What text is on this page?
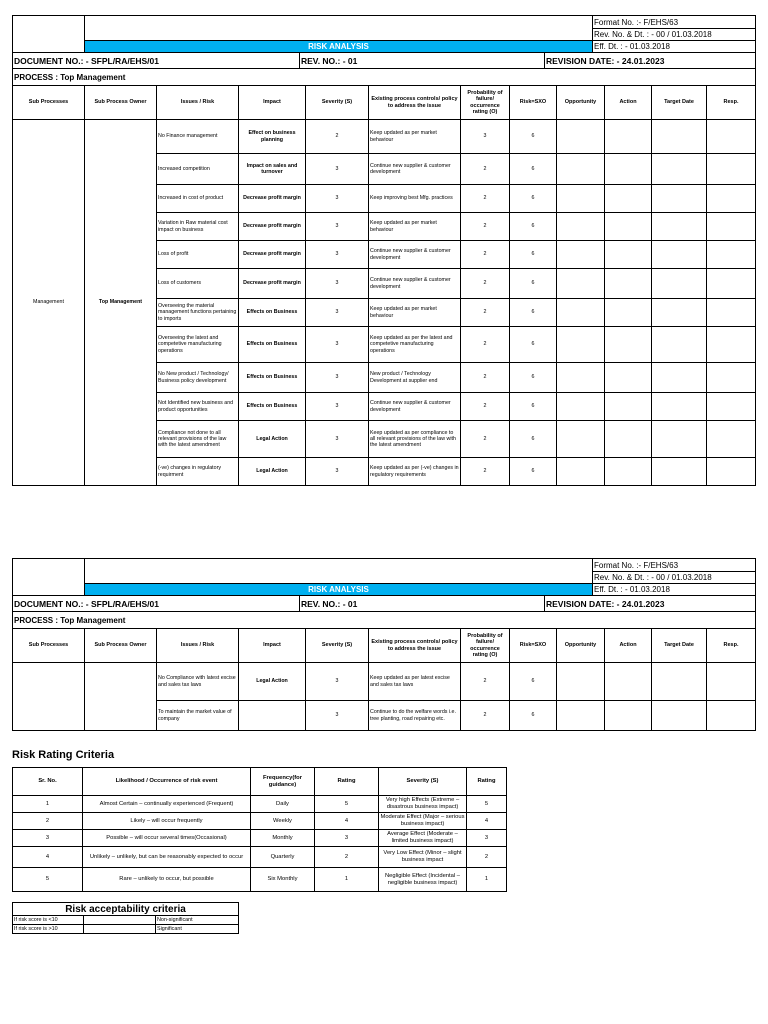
				Format No. :- F/EHS/63
				Rev. No. & Dt. : - 00 / 01.03.2018
	RISK ANALYSIS			Eff. Dt. : - 01.03.2018
DOCUMENT NO.: - SFPL/RA/EHS/01		REV. NO.: - 01	REVISION DATE: - 24.01.2023	
PROCESS : Top Management				
Sub Processes	Sub Process Owner	Issues / Risk	Impact	Severity (S)	Existing process controls/ policy to address the issue	Probability of failure/ occurrence rating (O)	Risk=SXO	Opportunity	Action	Target Date	Resp.
Management	Top Management	No Finance management	Effect on business planning	2	Keep updated as per market behaviour	3	6				
		Increased competition	Impact on sales and turnover	3	Continue new supplier & customer development	2	6				
		Increased in cost of product	Decrease profit margin	3	Keep improving best Mfg. practices	2	6				
		Variation in Raw material cost impact on business	Decrease profit margin	3	Keep updated as per market behaviour	2	6				
		Loss of profit	Decrease profit margin	3	Continue new supplier & customer development	2	6				
		Loss of customers	Decrease profit margin	3	Continue new supplier & customer development	2	6				
		Overseeing the material management functions pertaining to imports	Effects on Business	3	Keep updated as per market behaviour	2	6				
		Overseeing the latest and competetive manufacturing operations	Effects on Business	3	Keep updated as per the latest and competetive manufacturing operations	2	6				
		No New product / Technology/ Business policy development	Effects on Business	3	New product / Technology Development at supplier end	2	6				
		Not Identified new business and product opportunities	Effects on Business	3	Continue new supplier & customer development	2	6				
		Compliance not done to all relevant provisions of the law with the latest amendment	Legal Action	3	Keep updated as per compliance to all relevant provisions of the law with the latest amendment	2	6				
		(-ve) changes in regulatory requirment	Legal Action	3	Keep updated as per (-ve) changes in regulatory requirements	2	6				
				Format No. :- F/EHS/63
				Rev. No. & Dt. : - 00 / 01.03.2018
	RISK ANALYSIS			Eff. Dt. : - 01.03.2018
DOCUMENT NO.: - SFPL/RA/EHS/01		REV. NO.: - 01	REVISION DATE: - 24.01.2023	
PROCESS : Top Management				
Sub Processes	Sub Process Owner	Issues / Risk	Impact	Severity (S)	Existing process controls/ policy to address the issue	Probability of failure/ occurrence rating (O)	Risk=SXO	Opportunity	Action	Target Date	Resp.
		No Compliance with latest excise and sales tax laws	Legal Action	3	Keep updated as per latest excise and sales tax laws	2	6				
		To maintain the market value of company		3	Continue to do the welfare words i.e. tree planting, road repairing etc.	2	6				
Risk Rating Criteria
Sr. No.	Likelihood / Occurrence of risk event	Frequency(for guidance)	Rating	Severity (S)	Rating
1	Almost Certain – continually experienced (Frequent)	Daily	5	Very high Effects (Extreme – disastrous business impact)	5
2	Likely – will occur frequently	Weekly	4	Moderate Effect (Major – serious business impact)	4
3	Possible – will occur several times(Occasional)	Monthly	3	Average Effect (Moderate – limited business impact)	3
4	Unlikely – unlikely, but can be reasonably expected to occur	Quarterly	2	Very Low Effect (Minor – slight business impact	2
5	Rare – unlikely to occur, but possible	Six Monthly	1	Negligible Effect (Incidental – negligible business impact)	1
Risk acceptability criteria		
If risk score is <10		Non-significant
If risk score is >10		Significant
